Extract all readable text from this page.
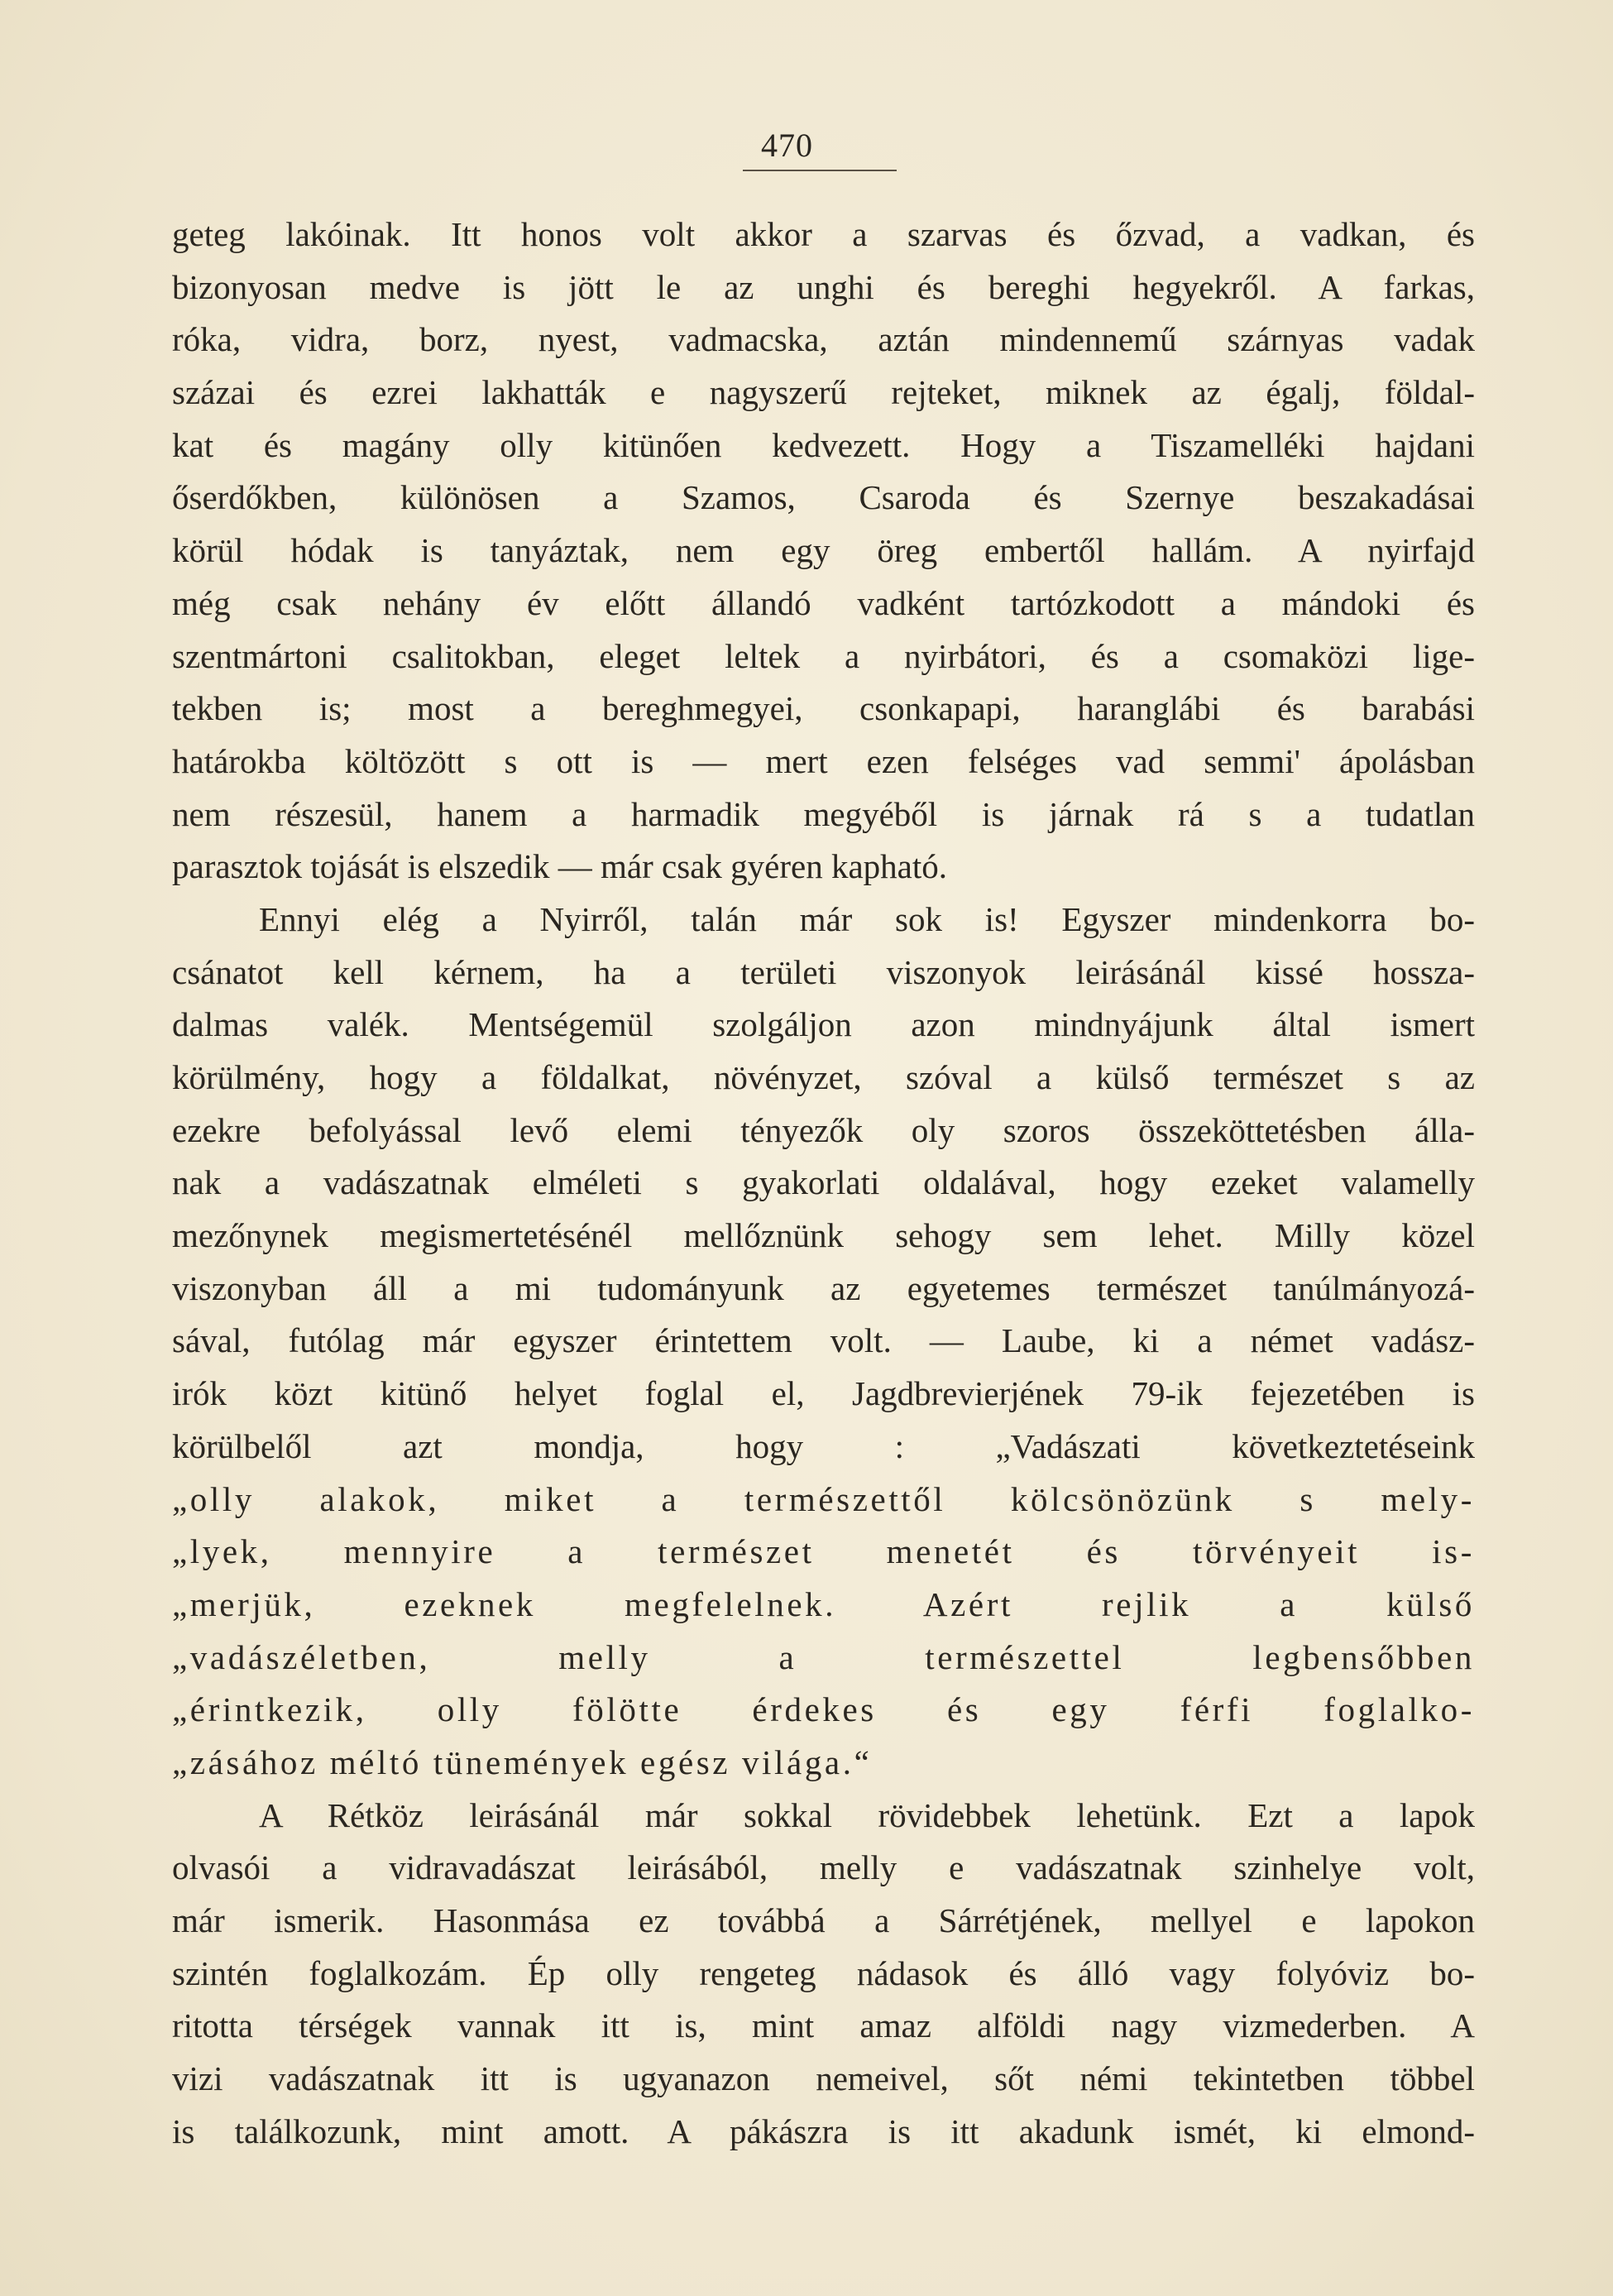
470
geteg lakóinak. Itt honos volt akkor a szarvas és őzvad, a vadkan, és
bizonyosan medve is jött le az unghi és bereghi hegyekről. A farkas,
róka, vidra, borz, nyest, vadmacska, aztán mindennemű szárnyas vadak
százai és ezrei lakhatták e nagyszerű rejteket, miknek az égalj, földal-
kat és magány olly kitünően kedvezett. Hogy a Tiszamelléki hajdani
őserdőkben, különösen a Szamos, Csaroda és Szernye beszakadásai
körül hódak is tanyáztak, nem egy öreg embertől hallám. A nyirfajd
még csak nehány év előtt állandó vadként tartózkodott a mándoki és
szentmártoni csalitokban, eleget leltek a nyirbátori, és a csomaközi lige-
tekben is; most a bereghmegyei, csonkapapi, haranglábi és barabási
határokba költözött s ott is — mert ezen felséges vad semmi' ápolásban
nem részesül, hanem a harmadik megyéből is járnak rá s a tudatlan
parasztok tojását is elszedik — már csak gyéren kapható.
Ennyi elég a Nyirről, talán már sok is! Egyszer mindenkorra bo-
csánatot kell kérnem, ha a területi viszonyok leirásánál kissé hossza-
dalmas valék. Mentségemül szolgáljon azon mindnyájunk által ismert
körülmény, hogy a földalkat, növényzet, szóval a külső természet s az
ezekre befolyással levő elemi tényezők oly szoros összeköttetésben álla-
nak a vadászatnak elméleti s gyakorlati oldalával, hogy ezeket valamelly
mezőnynek megismertetésénél mellőznünk sehogy sem lehet. Milly közel
viszonyban áll a mi tudományunk az egyetemes természet tanúlmányozá-
sával, futólag már egyszer érintettem volt. — Laube, ki a német vadász-
irók közt kitünő helyet foglal el, Jagdbrevierjének 79-ik fejezetében is
körülbelől azt mondja, hogy : „Vadászati következtetéseink
„olly alakok, miket a természettől kölcsönözünk s mely-
„lyek, mennyire a természet menetét és törvényeit is-
„merjük, ezeknek megfelelnek. Azért rejlik a külső
„vadászéletben, melly a természettel legbensőbben
„érintkezik, olly fölötte érdekes és egy férfi foglalko-
„zásához méltó tünemények egész világa.“
A Rétköz leirásánál már sokkal rövidebbek lehetünk. Ezt a lapok
olvasói a vidravadászat leirásából, melly e vadászatnak szinhelye volt,
már ismerik. Hasonmása ez továbbá a Sárrétjének, mellyel e lapokon
szintén foglalkozám. Ép olly rengeteg nádasok és álló vagy folyóviz bo-
ritotta térségek vannak itt is, mint amaz alföldi nagy vizmederben. A
vizi vadászatnak itt is ugyanazon nemeivel, sőt némi tekintetben többel
is találkozunk, mint amott. A pákászra is itt akadunk ismét, ki elmond-
